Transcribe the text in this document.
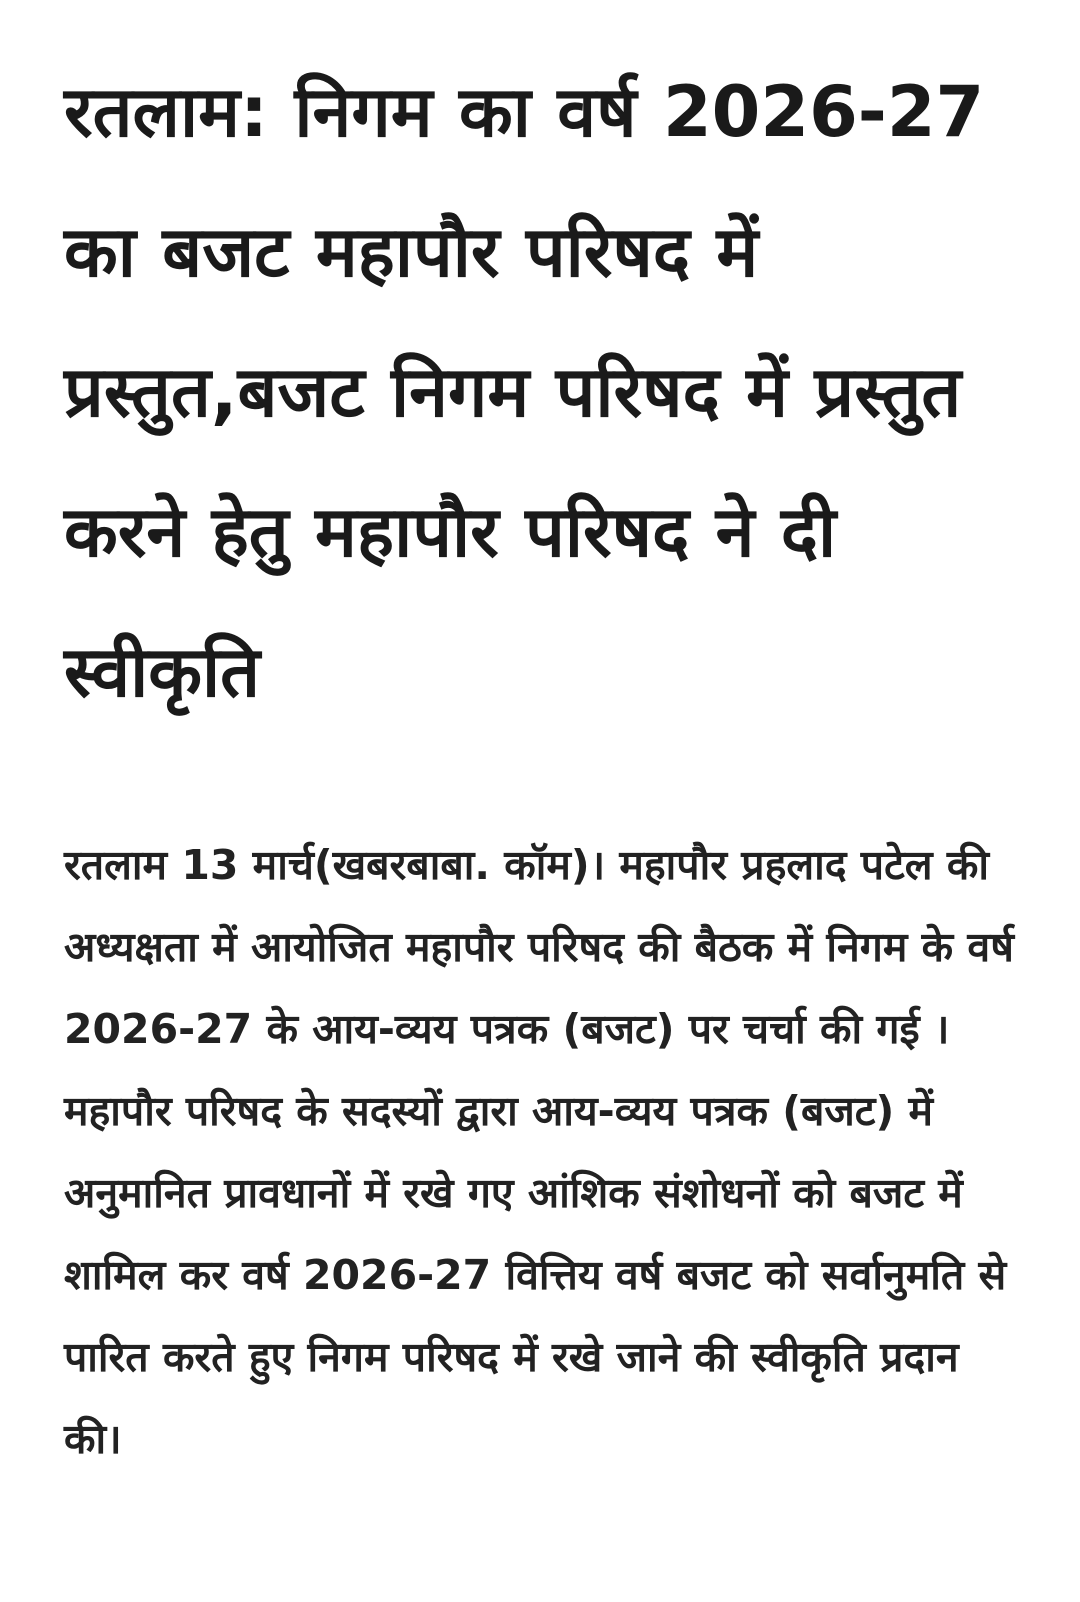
रतलाम: निगम का वर्ष 2026-27 का बजट महापौर परिषद में प्रस्तुत,बजट निगम परिषद में प्रस्तुत करने हेतु महापौर परिषद ने दी स्वीकृति

रतलाम 13 मार्च(खबरबाबा. कॉम)। महापौर प्रहलाद पटेल की अध्यक्षता में आयोजित महापौर परिषद की बैठक में निगम के वर्ष 2026-27 के आय-व्यय पत्रक (बजट) पर चर्चा की गई । महापौर परिषद के सदस्यों द्वारा आय-व्यय पत्रक (बजट) में अनुमानित प्रावधानों में रखे गए आंशिक संशोधनों को बजट में शामिल कर वर्ष 2026-27 वित्तिय वर्ष बजट को सर्वानुमति से पारित करते हुए निगम परिषद में रखे जाने की स्वीकृति प्रदान की।
